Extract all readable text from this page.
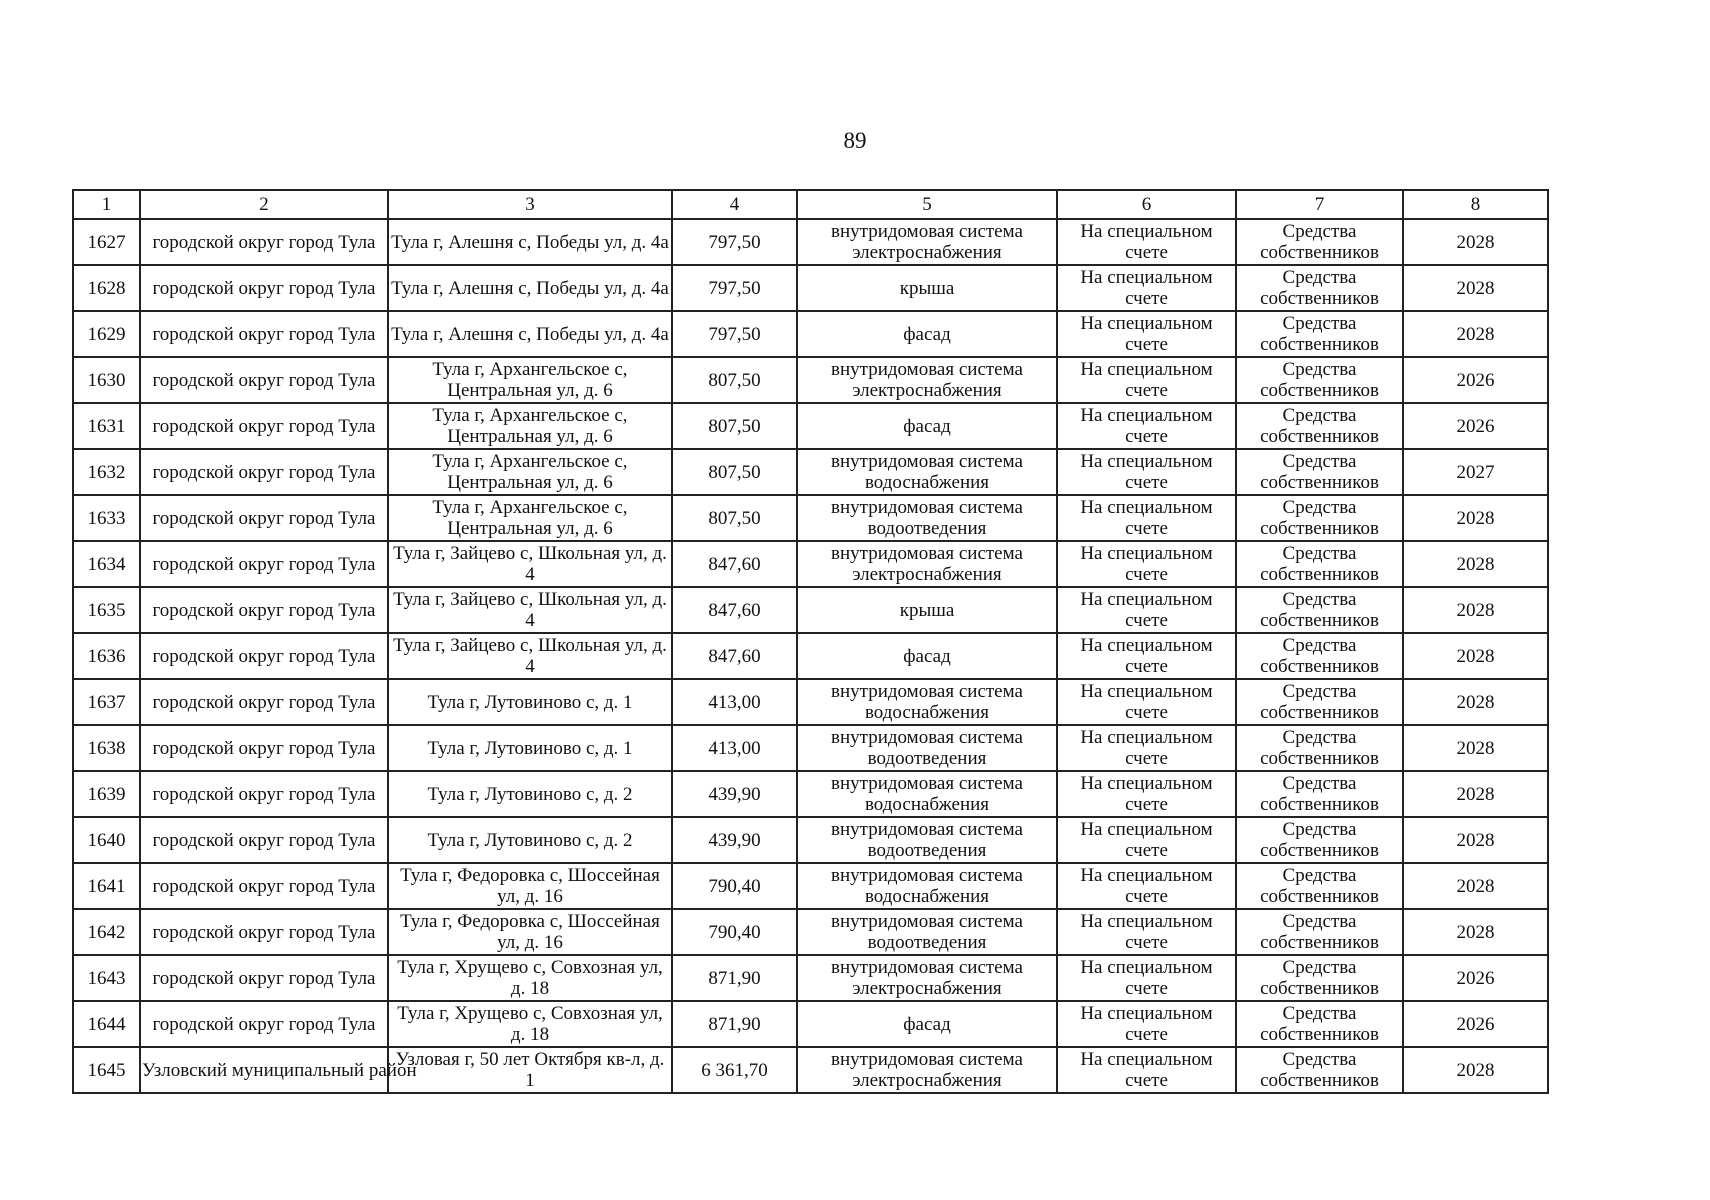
89
1	2	3	4	5	6	7	8
1627	городской округ город Тула	Тула г, Алешня с, Победы ул, д. 4а	797,50	внутридомовая система электроснабжения	На специальном счете	Средства собственников	2028
1628	городской округ город Тула	Тула г, Алешня с, Победы ул, д. 4а	797,50	крыша	На специальном счете	Средства собственников	2028
1629	городской округ город Тула	Тула г, Алешня с, Победы ул, д. 4а	797,50	фасад	На специальном счете	Средства собственников	2028
1630	городской округ город Тула	Тула г, Архангельское с, Центральная ул, д. 6	807,50	внутридомовая система электроснабжения	На специальном счете	Средства собственников	2026
1631	городской округ город Тула	Тула г, Архангельское с, Центральная ул, д. 6	807,50	фасад	На специальном счете	Средства собственников	2026
1632	городской округ город Тула	Тула г, Архангельское с, Центральная ул, д. 6	807,50	внутридомовая система водоснабжения	На специальном счете	Средства собственников	2027
1633	городской округ город Тула	Тула г, Архангельское с, Центральная ул, д. 6	807,50	внутридомовая система водоотведения	На специальном счете	Средства собственников	2028
1634	городской округ город Тула	Тула г, Зайцево с, Школьная ул, д. 4	847,60	внутридомовая система электроснабжения	На специальном счете	Средства собственников	2028
1635	городской округ город Тула	Тула г, Зайцево с, Школьная ул, д. 4	847,60	крыша	На специальном счете	Средства собственников	2028
1636	городской округ город Тула	Тула г, Зайцево с, Школьная ул, д. 4	847,60	фасад	На специальном счете	Средства собственников	2028
1637	городской округ город Тула	Тула г, Лутовиново с, д. 1	413,00	внутридомовая система водоснабжения	На специальном счете	Средства собственников	2028
1638	городской округ город Тула	Тула г, Лутовиново с, д. 1	413,00	внутридомовая система водоотведения	На специальном счете	Средства собственников	2028
1639	городской округ город Тула	Тула г, Лутовиново с, д. 2	439,90	внутридомовая система водоснабжения	На специальном счете	Средства собственников	2028
1640	городской округ город Тула	Тула г, Лутовиново с, д. 2	439,90	внутридомовая система водоотведения	На специальном счете	Средства собственников	2028
1641	городской округ город Тула	Тула г, Федоровка с, Шоссейная ул, д. 16	790,40	внутридомовая система водоснабжения	На специальном счете	Средства собственников	2028
1642	городской округ город Тула	Тула г, Федоровка с, Шоссейная ул, д. 16	790,40	внутридомовая система водоотведения	На специальном счете	Средства собственников	2028
1643	городской округ город Тула	Тула г, Хрущево с, Совхозная ул, д. 18	871,90	внутридомовая система электроснабжения	На специальном счете	Средства собственников	2026
1644	городской округ город Тула	Тула г, Хрущево с, Совхозная ул, д. 18	871,90	фасад	На специальном счете	Средства собственников	2026
1645	Узловский муниципальный район	Узловая г, 50 лет Октября кв-л, д. 1	6 361,70	внутридомовая система электроснабжения	На специальном счете	Средства собственников	2028
